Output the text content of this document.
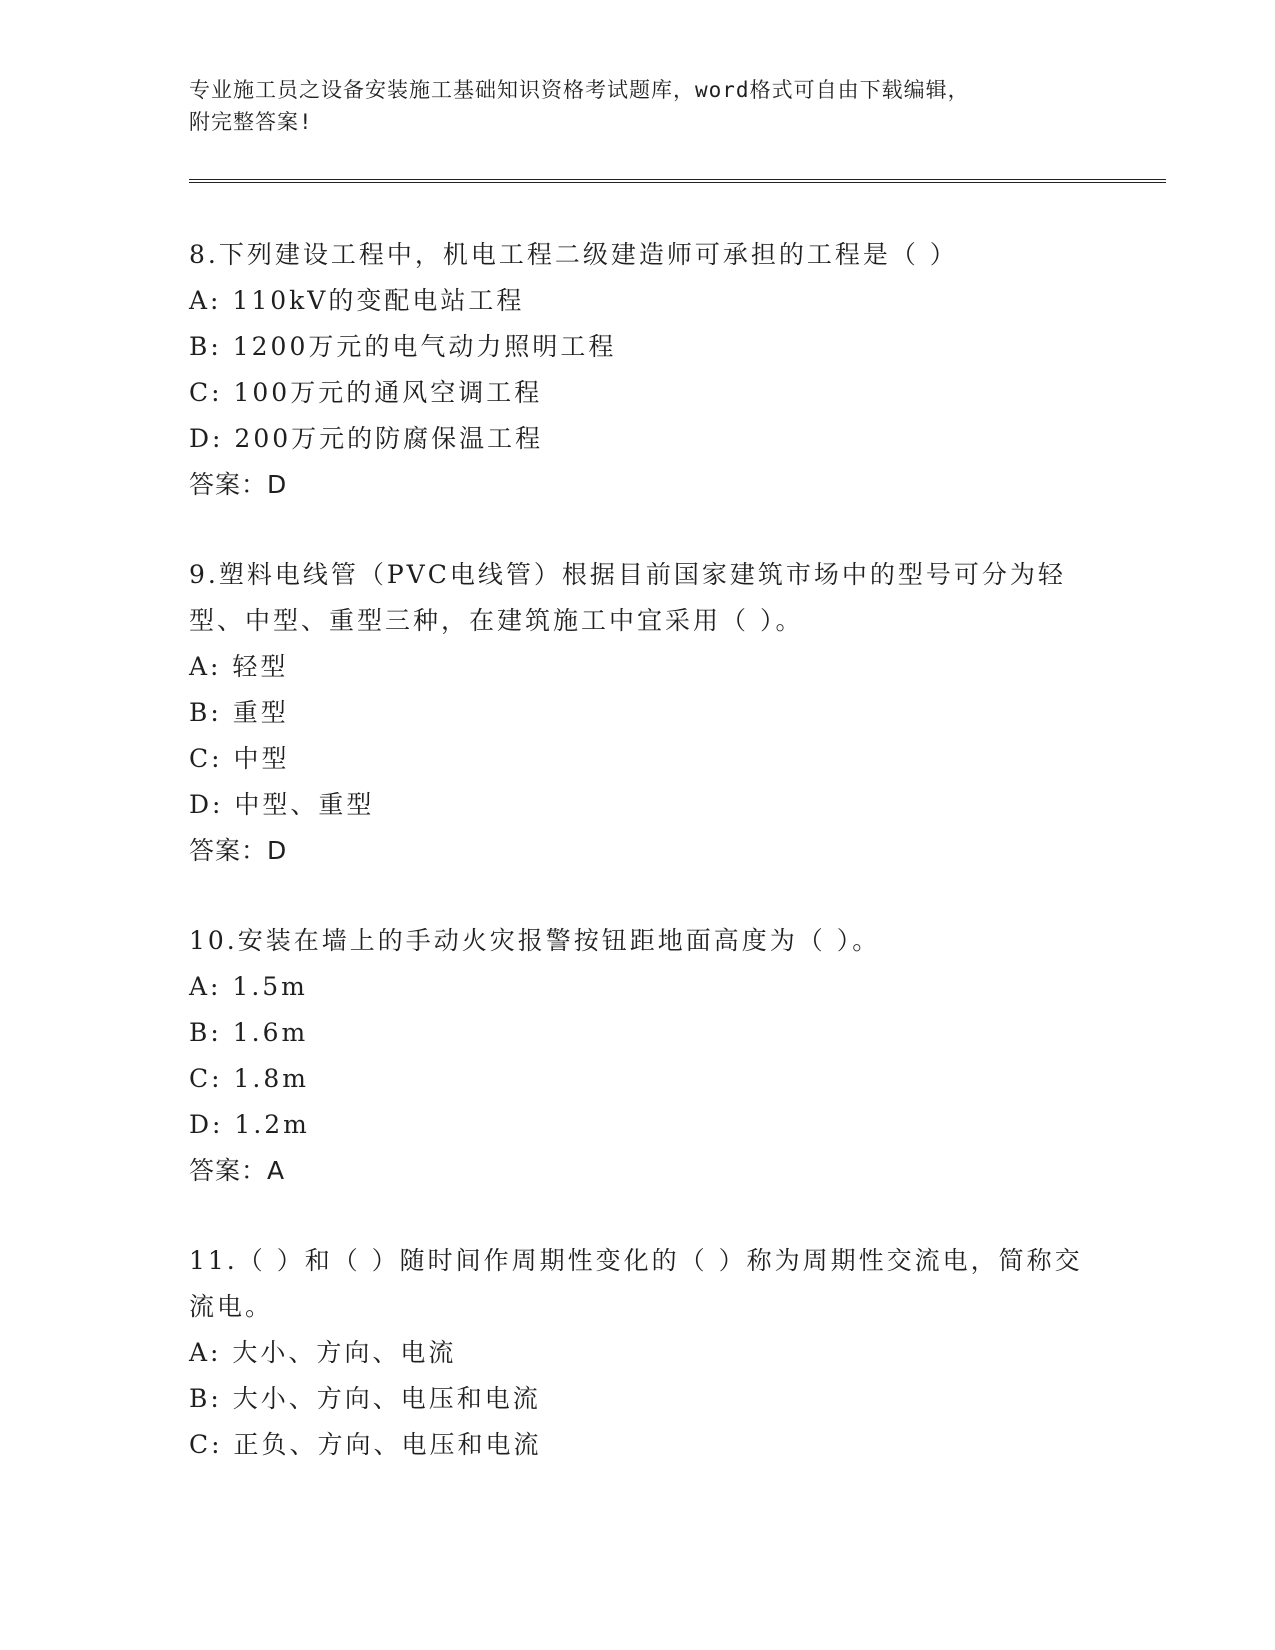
专业施工员之设备安装施工基础知识资格考试题库，word格式可自由下载编辑，
附完整答案!
8.下列建设工程中，机电工程二级建造师可承担的工程是（ ）
A: 110kV的变配电站工程
B: 1200万元的电气动力照明工程
C: 100万元的通风空调工程
D: 200万元的防腐保温工程
答案：D
9.塑料电线管（PVC电线管）根据目前国家建筑市场中的型号可分为轻型、中型、重型三种，在建筑施工中宜采用（ ）。
A: 轻型
B: 重型
C: 中型
D: 中型、重型
答案：D
10.安装在墙上的手动火灾报警按钮距地面高度为（ ）。
A: 1.5m
B: 1.6m
C: 1.8m
D: 1.2m
答案：A
11.（ ）和（ ）随时间作周期性变化的（ ）称为周期性交流电，简称交流电。
A: 大小、方向、电流
B: 大小、方向、电压和电流
C: 正负、方向、电压和电流
